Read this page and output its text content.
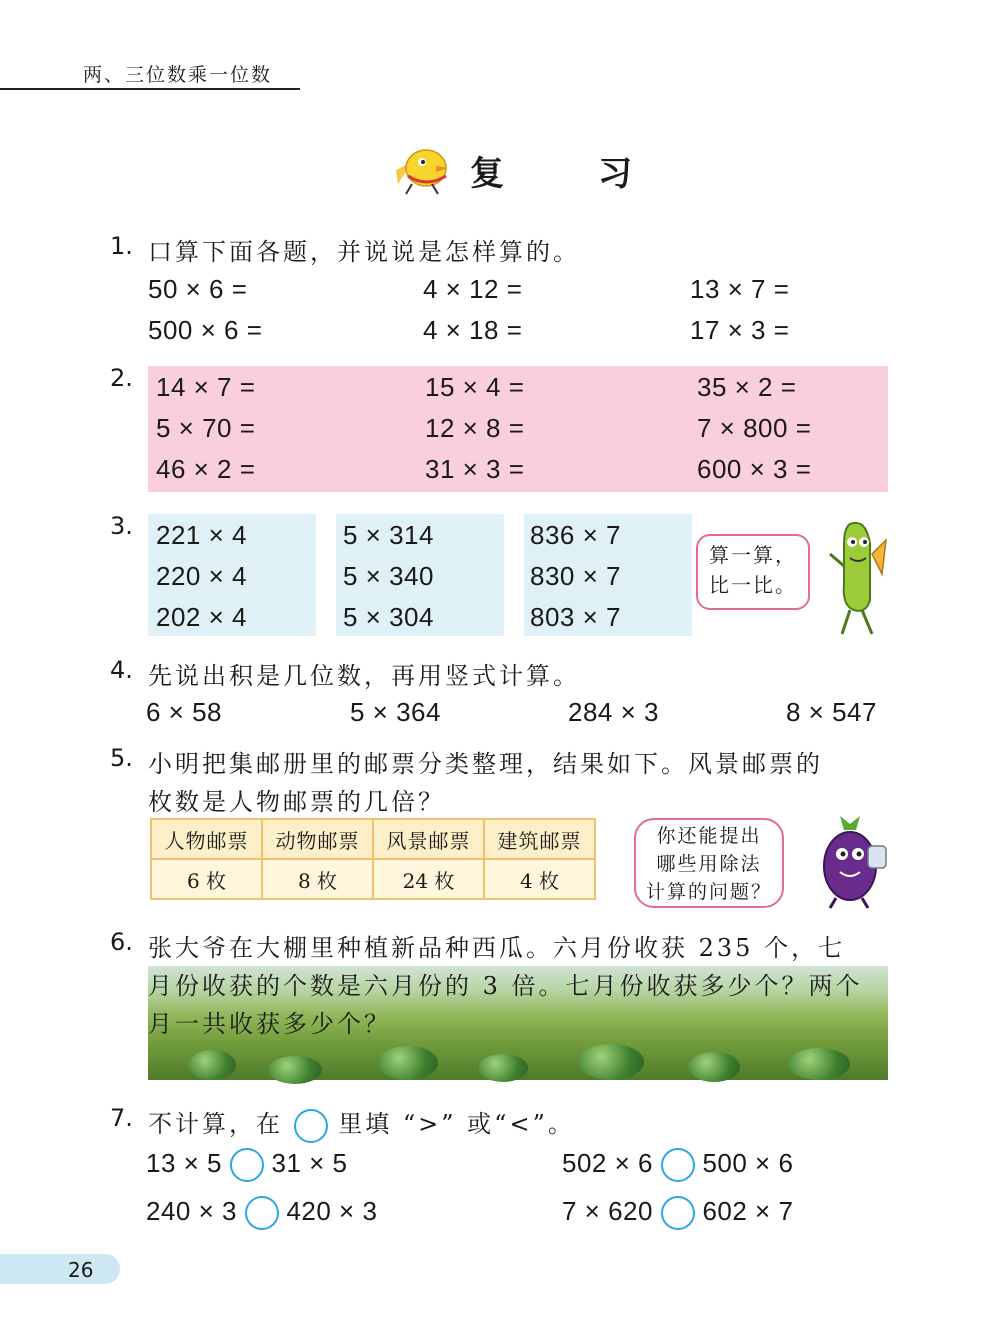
两、三位数乘一位数
复　习
1. 口算下面各题，并说说是怎样算的。
50 × 6 =	4 × 12 =	13 × 7 =
500 × 6 =	4 × 18 =	17 × 3 =
2. 14 × 7 =	15 × 4 =	35 × 2 =
5 × 70 =	12 × 8 =	7 × 800 =
46 × 2 =	31 × 3 =	600 × 3 =
3. 221 × 4	5 × 314	836 × 7
220 × 4	5 × 340	830 × 7
202 × 4	5 × 304	803 × 7
算一算，
比一比。
4. 先说出积是几位数，再用竖式计算。
6 × 58	5 × 364	284 × 3	8 × 547
5. 小明把集邮册里的邮票分类整理，结果如下。风景邮票的
枚数是人物邮票的几倍？
人物邮票	动物邮票	风景邮票	建筑邮票
6 枚	8 枚	24 枚	4 枚
你还能提出
哪些用除法
计算的问题？
6. 张大爷在大棚里种植新品种西瓜。六月份收获 235 个，七
月份收获的个数是六月份的 3 倍。七月份收获多少个？两个
月一共收获多少个？
7. 不计算，在 里填 “>” 或“<”。
13 × 5 31 × 5	502 × 6 500 × 6
240 × 3 420 × 3	7 × 620 602 × 7
26
